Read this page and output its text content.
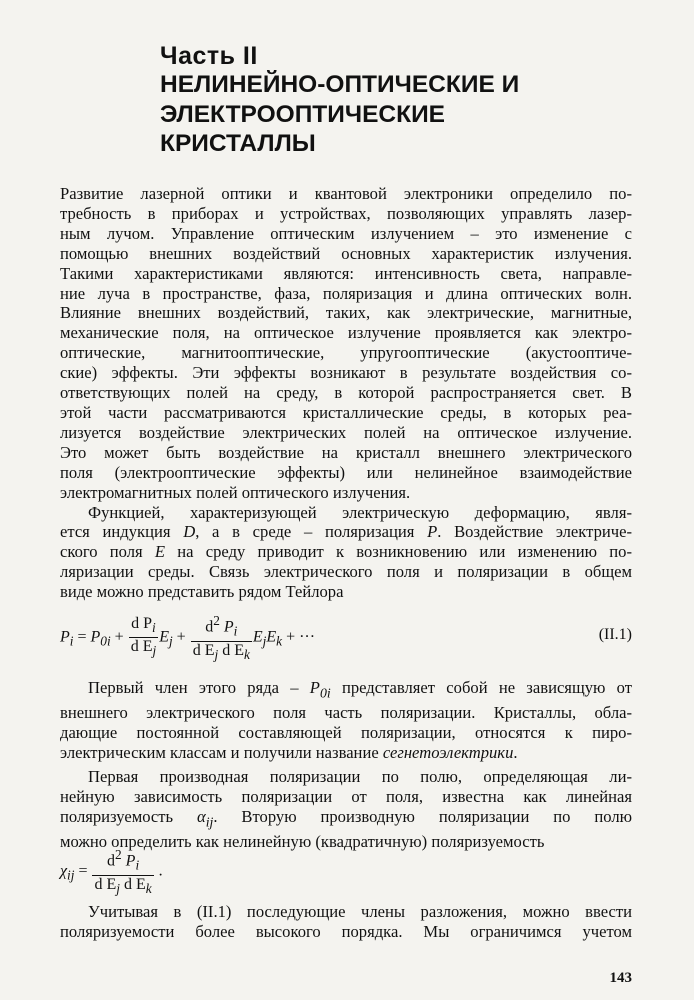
Часть II
НЕЛИНЕЙНО-ОПТИЧЕСКИЕ И
ЭЛЕКТРООПТИЧЕСКИЕ
КРИСТАЛЛЫ

Развитие лазерной оптики и квантовой электроники определило по-
требность в приборах и устройствах, позволяющих управлять лазер-
ным лучом. Управление оптическим излучением – это изменение с
помощью внешних воздействий основных характеристик излучения.
Такими характеристиками являются: интенсивность света, направле-
ние луча в пространстве, фаза, поляризация и длина оптических волн.
Влияние внешних воздействий, таких, как электрические, магнитные,
механические поля, на оптическое излучение проявляется как электро-
оптические, магнитооптические, упругооптические (акустооптиче-
ские) эффекты. Эти эффекты возникают в результате воздействия со-
ответствующих полей на среду, в которой распространяется свет. В
этой части рассматриваются кристаллические среды, в которых реа-
лизуется воздействие электрических полей на оптическое излучение.
Это может быть воздействие на кристалл внешнего электрического
поля (электрооптические эффекты) или нелинейное взаимодействие
электромагнитных полей оптического излучения.

Функцией, характеризующей электрическую деформацию, явля-
ется индукция D, а в среде – поляризация P. Воздействие электриче-
ского поля E на среду приводит к возникновению или изменению по-
ляризации среды. Связь электрического поля и поляризации в общем
виде можно представить рядом Тейлора

$P_i = P_{0i} + \frac{d P_i}{d E_j} E_j + \frac{d^2 P_i}{d E_j d E_k} E_jE_k$ + ···	(II.1)

Первый член этого ряда – $P_{0i}$ представляет собой не зависящую от
внешнего электрического поля часть поляризации. Кристаллы, обла-
дающие постоянной составляющей поляризации, относятся к пиро-
электрическим классам и получили название сегнетоэлектрики.

Первая производная поляризации по полю, определяющая ли-
нейную зависимость поляризации от поля, известна как линейная
поляризуемость $\alpha_{ij}$. Вторую производную поляризации по полю
можно определить как нелинейную (квадратичную) поляризуемость

$\chi_{ij} = \frac{d^2 P_i}{d E_j d E_k}$ .

Учитывая в (II.1) последующие члены разложения, можно ввести
поляризуемости более высокого порядка. Мы ограничимся учетом

143
